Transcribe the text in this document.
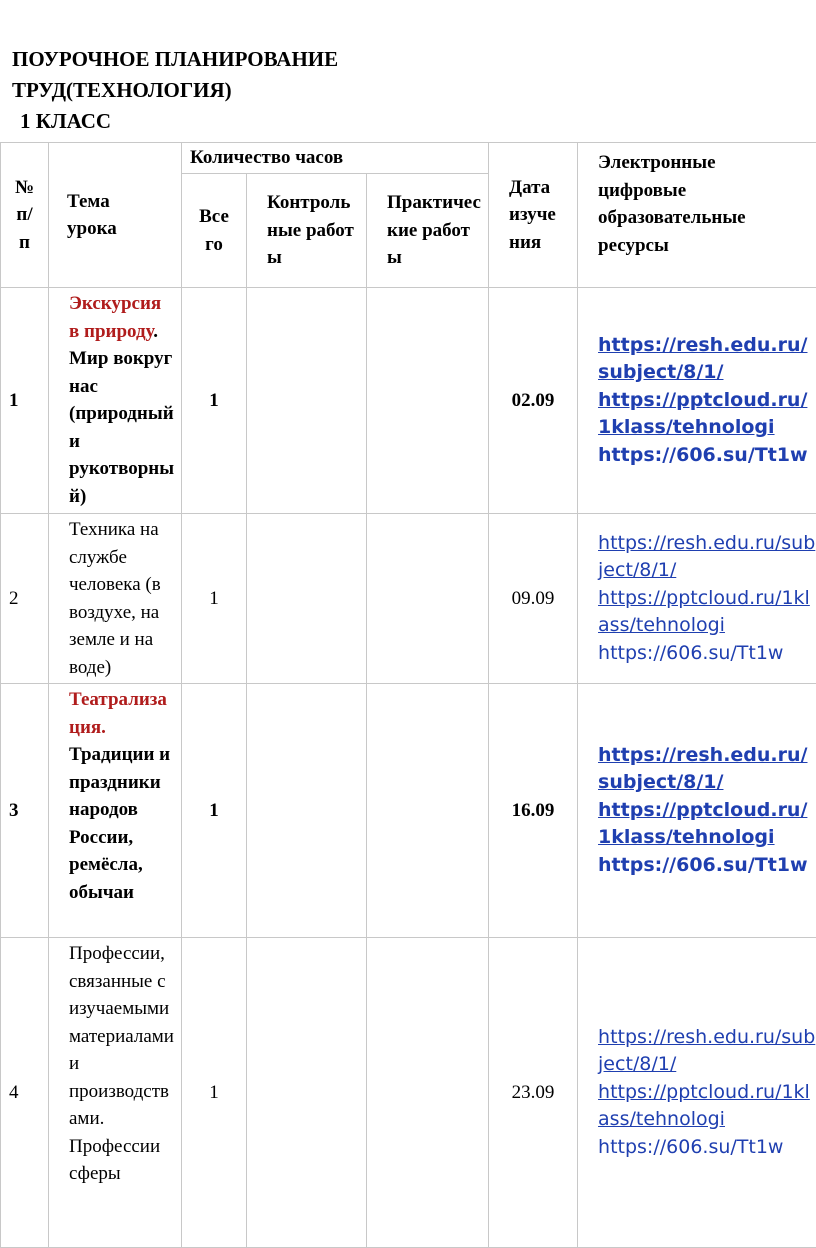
ПОУРОЧНОЕ ПЛАНИРОВАНИЕ
ТРУД(ТЕХНОЛОГИЯ)
1 КЛАСС
№ п/п	Тема урока	Количество часов			Дата изучения	Электронные цифровые образовательные ресурсы

		Всего	Контрольные работы	Практические работы		

1	Экскурсия в природу. Мир вокруг нас (природный и рукотворный)	1			02.09	https://resh.edu.ru/subject/8/1/
https://pptcloud.ru/1klass/tehnologi
https://606.su/Tt1w

2	Техника на службе человека (в воздухе, на земле и на воде)	1			09.09	https://resh.edu.ru/subject/8/1/
https://pptcloud.ru/1klass/tehnologi
https://606.su/Tt1w

3	Театрализация. Традиции и праздники народов России, ремёсла, обычаи	1			16.09	https://resh.edu.ru/subject/8/1/
https://pptcloud.ru/1klass/tehnologi
https://606.su/Tt1w

4	Профессии, связанные с изучаемыми материалами и производствами. Профессии сферы	1			23.09	https://resh.edu.ru/subject/8/1/
https://pptcloud.ru/1klass/tehnologi
https://606.su/Tt1w
